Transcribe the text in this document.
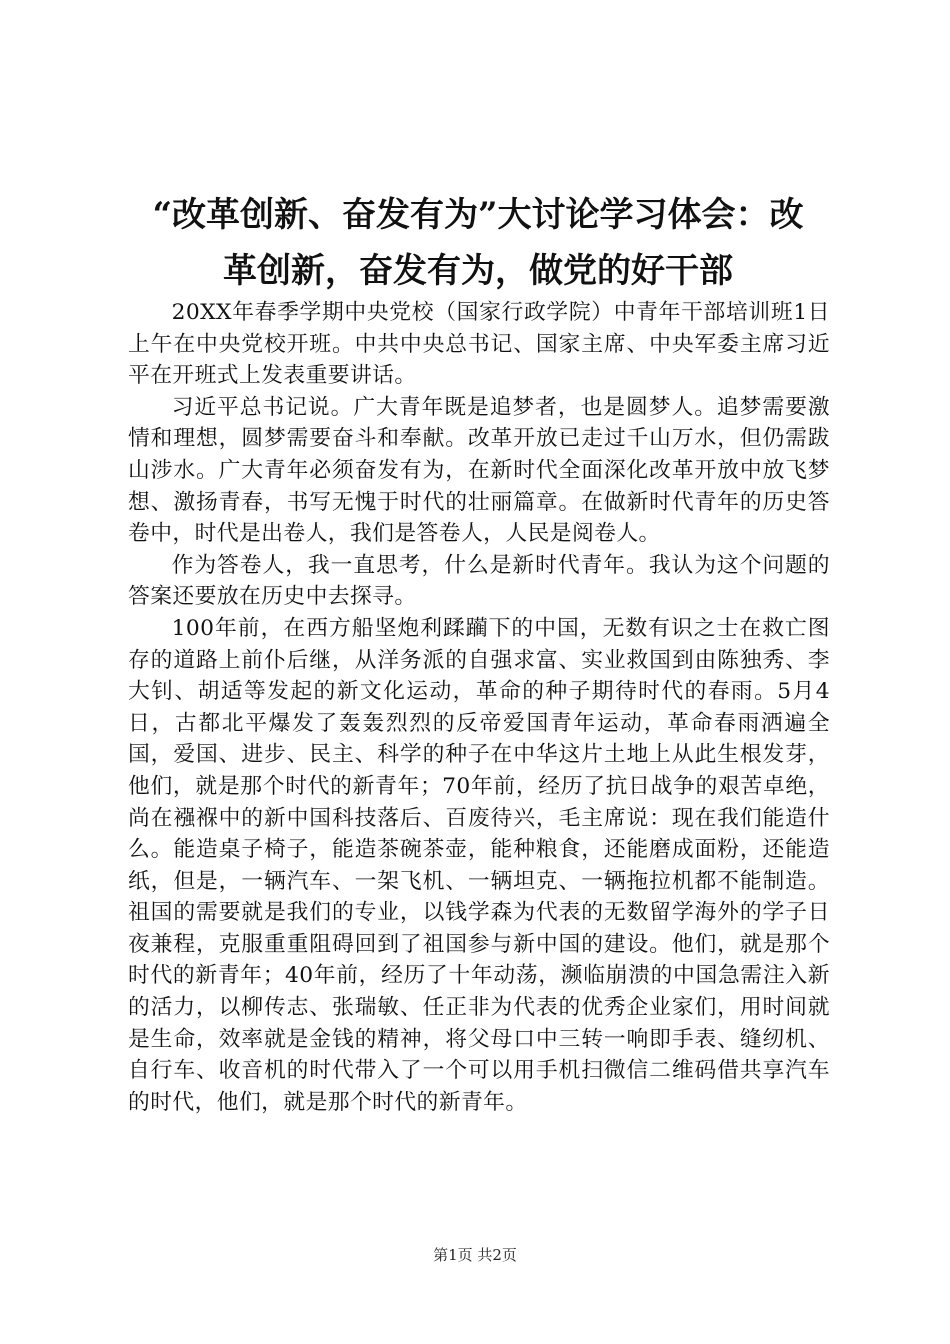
“改革创新、奋发有为”大讨论学习体会：改
革创新，奋发有为，做党的好干部

20XX年春季学期中央党校（国家行政学院）中青年干部培训班1日上午在中央党校开班。中共中央总书记、国家主席、中央军委主席习近平在开班式上发表重要讲话。

习近平总书记说。广大青年既是追梦者，也是圆梦人。追梦需要激情和理想，圆梦需要奋斗和奉献。改革开放已走过千山万水，但仍需跋山涉水。广大青年必须奋发有为，在新时代全面深化改革开放中放飞梦想、激扬青春，书写无愧于时代的壮丽篇章。在做新时代青年的历史答卷中，时代是出卷人，我们是答卷人，人民是阅卷人。

作为答卷人，我一直思考，什么是新时代青年。我认为这个问题的答案还要放在历史中去探寻。

100年前，在西方船坚炮利蹂躏下的中国，无数有识之士在救亡图存的道路上前仆后继，从洋务派的自强求富、实业救国到由陈独秀、李大钊、胡适等发起的新文化运动，革命的种子期待时代的春雨。5月4日，古都北平爆发了轰轰烈烈的反帝爱国青年运动，革命春雨洒遍全国，爱国、进步、民主、科学的种子在中华这片土地上从此生根发芽，他们，就是那个时代的新青年；70年前，经历了抗日战争的艰苦卓绝，尚在襁褓中的新中国科技落后、百废待兴，毛主席说：现在我们能造什么。能造桌子椅子，能造茶碗茶壶，能种粮食，还能磨成面粉，还能造纸，但是，一辆汽车、一架飞机、一辆坦克、一辆拖拉机都不能制造。祖国的需要就是我们的专业，以钱学森为代表的无数留学海外的学子日夜兼程，克服重重阻碍回到了祖国参与新中国的建设。他们，就是那个时代的新青年；40年前，经历了十年动荡，濒临崩溃的中国急需注入新的活力，以柳传志、张瑞敏、任正非为代表的优秀企业家们，用时间就是生命，效率就是金钱的精神，将父母口中三转一响即手表、缝纫机、自行车、收音机的时代带入了一个可以用手机扫微信二维码借共享汽车的时代，他们，就是那个时代的新青年。

第1页 共2页
